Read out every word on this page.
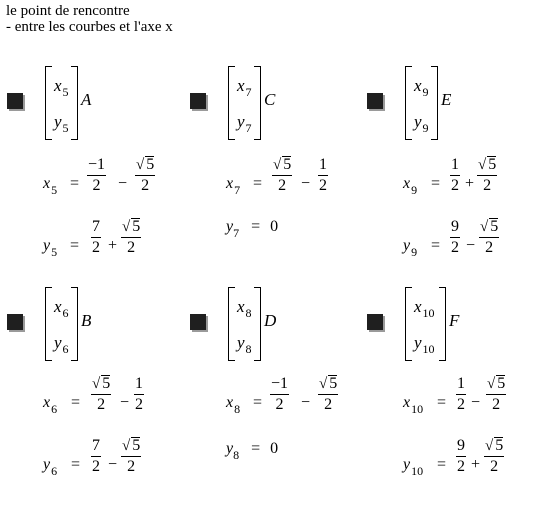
le point de rencontre
- entre les courbes et l'axe x
$x_5$
$y_5$
A
$x_5 = \frac{-1}{2} - \frac{√ 5}{2}$
$y_5 = \frac{7}{2} + \frac{√ 5}{2}$
$x_7$
$y_7$
C
$x_7 = \frac{√ 5}{2} - \frac{1}{2}$
$y_7 = 0$
$x_9$
$y_9$
E
$x_9 = \frac{1}{2} + \frac{√ 5}{2}$
$y_9 = \frac{9}{2} - \frac{√ 5}{2}$
$x_6$
$y_6$
B
$x_6 = \frac{√ 5}{2} - \frac{1}{2}$
$y_6 = \frac{7}{2} - \frac{√ 5}{2}$
$x_8$
$y_8$
D
$x_8 = \frac{-1}{2} - \frac{√ 5}{2}$
$y_8 = 0$
$x_{10}$
$y_{10}$
F
$x_{10} = \frac{1}{2} - \frac{√ 5}{2}$
$y_{10} = \frac{9}{2} + \frac{√ 5}{2}$
